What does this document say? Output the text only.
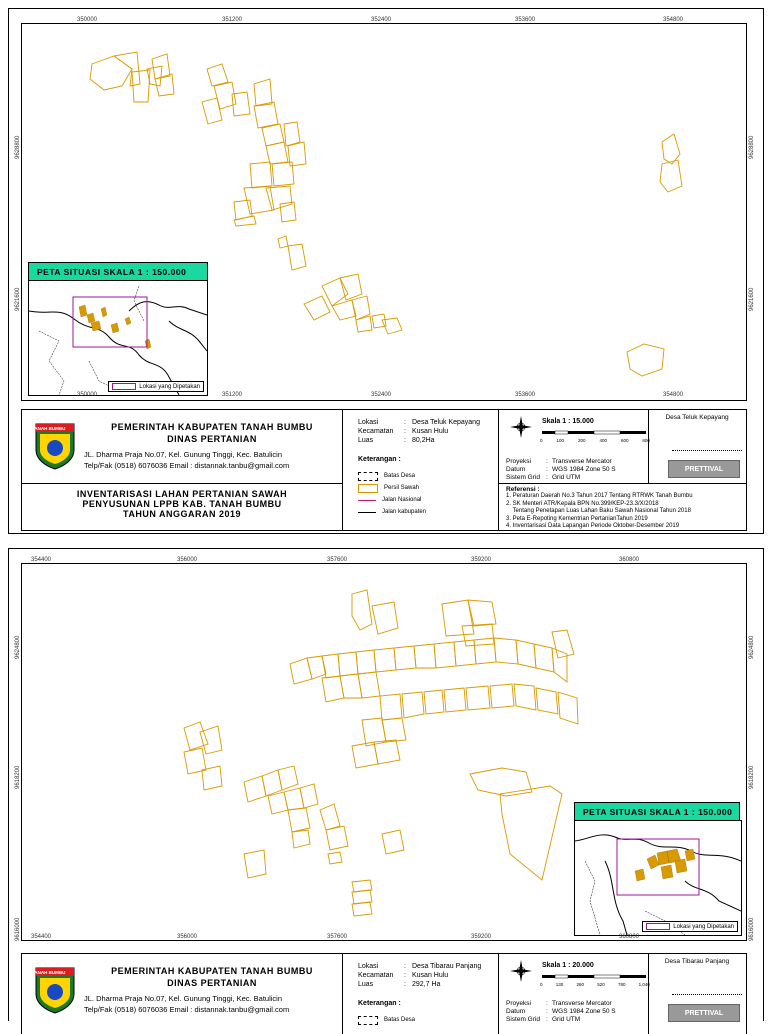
PETA SITUASI SKALA 1 : 150.000
Lokasi yang Dipetakan
350000	351200	352400	353600	354800
350000	351200	352400	353600	354800
9628800
9621600
9628800
9621600
TANAH BUMBU	PEMERINTAH KABUPATEN TANAH BUMBU
DINAS PERTANIAN
JL. Dharma Praja No.07, Kel. Gunung Tinggi, Kec. Batulicin
Telp/Fak (0518) 6076036 Email : distannak.tanbu@gmail.com
INVENTARISASI LAHAN PERTANIAN SAWAH
PENYUSUNAN LPPB KAB. TANAH BUMBU
TAHUN ANGGARAN 2019
Lokasi	: Desa Teluk Kepayang
Kecamatan	: Kusan Hulu
Luas	: 80,2Ha
Keterangan :
Batas Desa
Persil Sawah
Jalan Nasional
Jalan kabupaten
Skala 1 : 15.000
0	100	200	400	600	800
Proyeksi	: Transverse Mercator
Datum	: WGS 1984 Zone 50 S
Sistem Grid : Grid UTM
Desa Teluk Kepayang
PRETTIVAL
Referensi :
1. Peraturan Daerah No.3 Tahun 2017 Tentang RTRWK Tanah Bumbu
2. SK Menteri ATR/Kepala BPN No.399/KEP-23.3/X/2018
Tentang Penetapan Luas Lahan Baku Sawah Nasional Tahun 2018
3. Peta E-Repoting Kementrian PertanianTahun 2019
4. Inventarisasi Data Lapangan Periode Oktober-Desember 2019
PETA SITUASI SKALA 1 : 150.000
Lokasi yang Dipetakan
354400	356000	357600	359200	360800
354400	356000	357600	359200	360800
9624800
9618200
9616000
9624800
9618200
9616000
TANAH BUMBU	PEMERINTAH KABUPATEN TANAH BUMBU
DINAS PERTANIAN
JL. Dharma Praja No.07, Kel. Gunung Tinggi, Kec. Batulicin
Telp/Fak (0518) 6076036 Email : distannak.tanbu@gmail.com
Lokasi	: Desa Tibarau Panjang
Kecamatan	: Kusan Hulu
Luas	: 292,7 Ha
Keterangan :
Batas Desa
Skala 1 : 20.000
0	130	260	520	780	1.040
Proyeksi	: Transverse Mercator
Datum	: WGS 1984 Zone 50 S
Sistem Grid : Grid UTM
Desa Tibarau Panjang
PRETTIVAL
